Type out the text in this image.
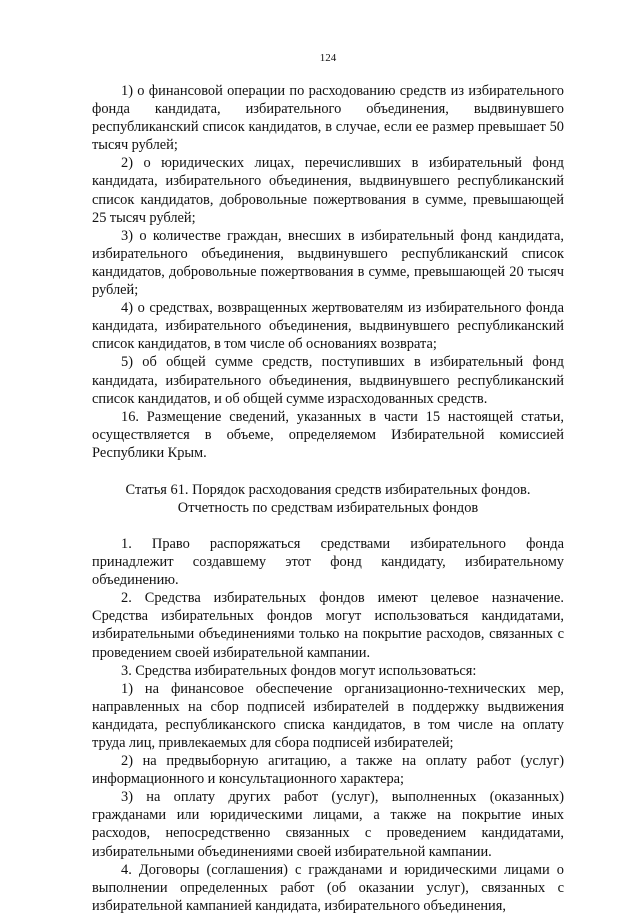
124

1) о финансовой операции по расходованию средств из избирательного фонда кандидата, избирательного объединения, выдвинувшего республиканский список кандидатов, в случае, если ее размер превышает 50 тысяч рублей;

2) о юридических лицах, перечисливших в избирательный фонд кандидата, избирательного объединения, выдвинувшего республиканский список кандидатов, добровольные пожертвования в сумме, превышающей 25 тысяч рублей;

3) о количестве граждан, внесших в избирательный фонд кандидата, избирательного объединения, выдвинувшего республиканский список кандидатов, добровольные пожертвования в сумме, превышающей 20 тысяч рублей;

4) о средствах, возвращенных жертвователям из избирательного фонда кандидата, избирательного объединения, выдвинувшего республиканский список кандидатов, в том числе об основаниях возврата;

5) об общей сумме средств, поступивших в избирательный фонд кандидата, избирательного объединения, выдвинувшего республиканский список кандидатов, и об общей сумме израсходованных средств.

16. Размещение сведений, указанных в части 15 настоящей статьи, осуществляется в объеме, определяемом Избирательной комиссией Республики Крым.

Статья 61. Порядок расходования средств избирательных фондов.
Отчетность по средствам избирательных фондов

1. Право распоряжаться средствами избирательного фонда принадлежит создавшему этот фонд кандидату, избирательному объединению.

2. Средства избирательных фондов имеют целевое назначение. Средства избирательных фондов могут использоваться кандидатами, избирательными объединениями только на покрытие расходов, связанных с проведением своей избирательной кампании.

3. Средства избирательных фондов могут использоваться:

1) на финансовое обеспечение организационно-технических мер, направленных на сбор подписей избирателей в поддержку выдвижения кандидата, республиканского списка кандидатов, в том числе на оплату труда лиц, привлекаемых для сбора подписей избирателей;

2) на предвыборную агитацию, а также на оплату работ (услуг) информационного и консультационного характера;

3) на оплату других работ (услуг), выполненных (оказанных) гражданами или юридическими лицами, а также на покрытие иных расходов, непосредственно связанных с проведением кандидатами, избирательными объединениями своей избирательной кампании.

4. Договоры (соглашения) с гражданами и юридическими лицами о выполнении определенных работ (об оказании услуг), связанных с избирательной кампанией кандидата, избирательного объединения,
